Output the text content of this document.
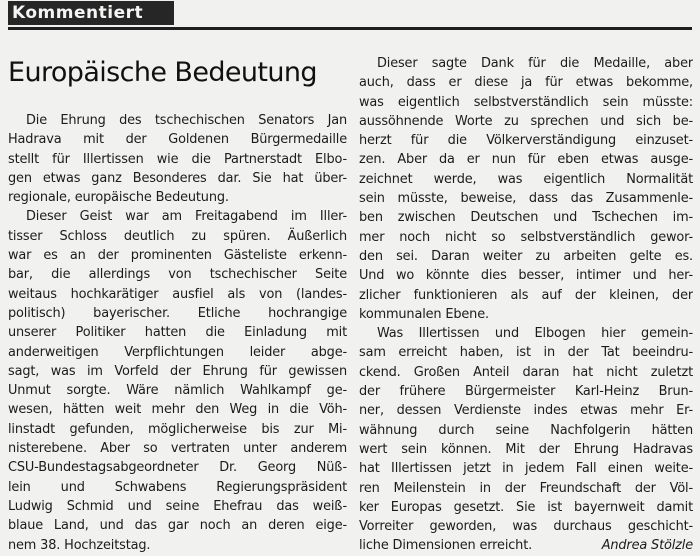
Kommentiert
Europäische Bedeutung
Die Ehrung des tschechischen Senators Jan
Hadrava mit der Goldenen Bürgermedaille
stellt für Illertissen wie die Partnerstadt Elbo-
gen etwas ganz Besonderes dar. Sie hat über-
regionale, europäische Bedeutung.
Dieser Geist war am Freitagabend im Iller-
tisser Schloss deutlich zu spüren. Äußerlich
war es an der prominenten Gästeliste erkenn-
bar, die allerdings von tschechischer Seite
weitaus hochkarätiger ausfiel als von (landes-
politisch) bayerischer. Etliche hochrangige
unserer Politiker hatten die Einladung mit
anderweitigen Verpflichtungen leider abge-
sagt, was im Vorfeld der Ehrung für gewissen
Unmut sorgte. Wäre nämlich Wahlkampf ge-
wesen, hätten weit mehr den Weg in die Vöh-
linstadt gefunden, möglicherweise bis zur Mi-
nisterebene. Aber so vertraten unter anderem
CSU-Bundestagsabgeordneter Dr. Georg Nüß-
lein und Schwabens Regierungspräsident
Ludwig Schmid und seine Ehefrau das weiß-
blaue Land, und das gar noch an deren eige-
nem 38. Hochzeitstag.
Dieser sagte Dank für die Medaille, aber
auch, dass er diese ja für etwas bekomme,
was eigentlich selbstverständlich sein müsste:
aussöhnende Worte zu sprechen und sich be-
herzt für die Völkerverständigung einzuset-
zen. Aber da er nun für eben etwas ausge-
zeichnet werde, was eigentlich Normalität
sein müsste, beweise, dass das Zusammenle-
ben zwischen Deutschen und Tschechen im-
mer noch nicht so selbstverständlich gewor-
den sei. Daran weiter zu arbeiten gelte es.
Und wo könnte dies besser, intimer und her-
zlicher funktionieren als auf der kleinen, der
kommunalen Ebene.
Was Illertissen und Elbogen hier gemein-
sam erreicht haben, ist in der Tat beeindru-
ckend. Großen Anteil daran hat nicht zuletzt
der frühere Bürgermeister Karl-Heinz Brun-
ner, dessen Verdienste indes etwas mehr Er-
wähnung durch seine Nachfolgerin hätten
wert sein können. Mit der Ehrung Hadravas
hat Illertissen jetzt in jedem Fall einen weite-
ren Meilenstein in der Freundschaft der Völ-
ker Europas gesetzt. Sie ist bayernweit damit
Vorreiter geworden, was durchaus geschicht-
liche Dimensionen erreicht.	Andrea Stölzle
